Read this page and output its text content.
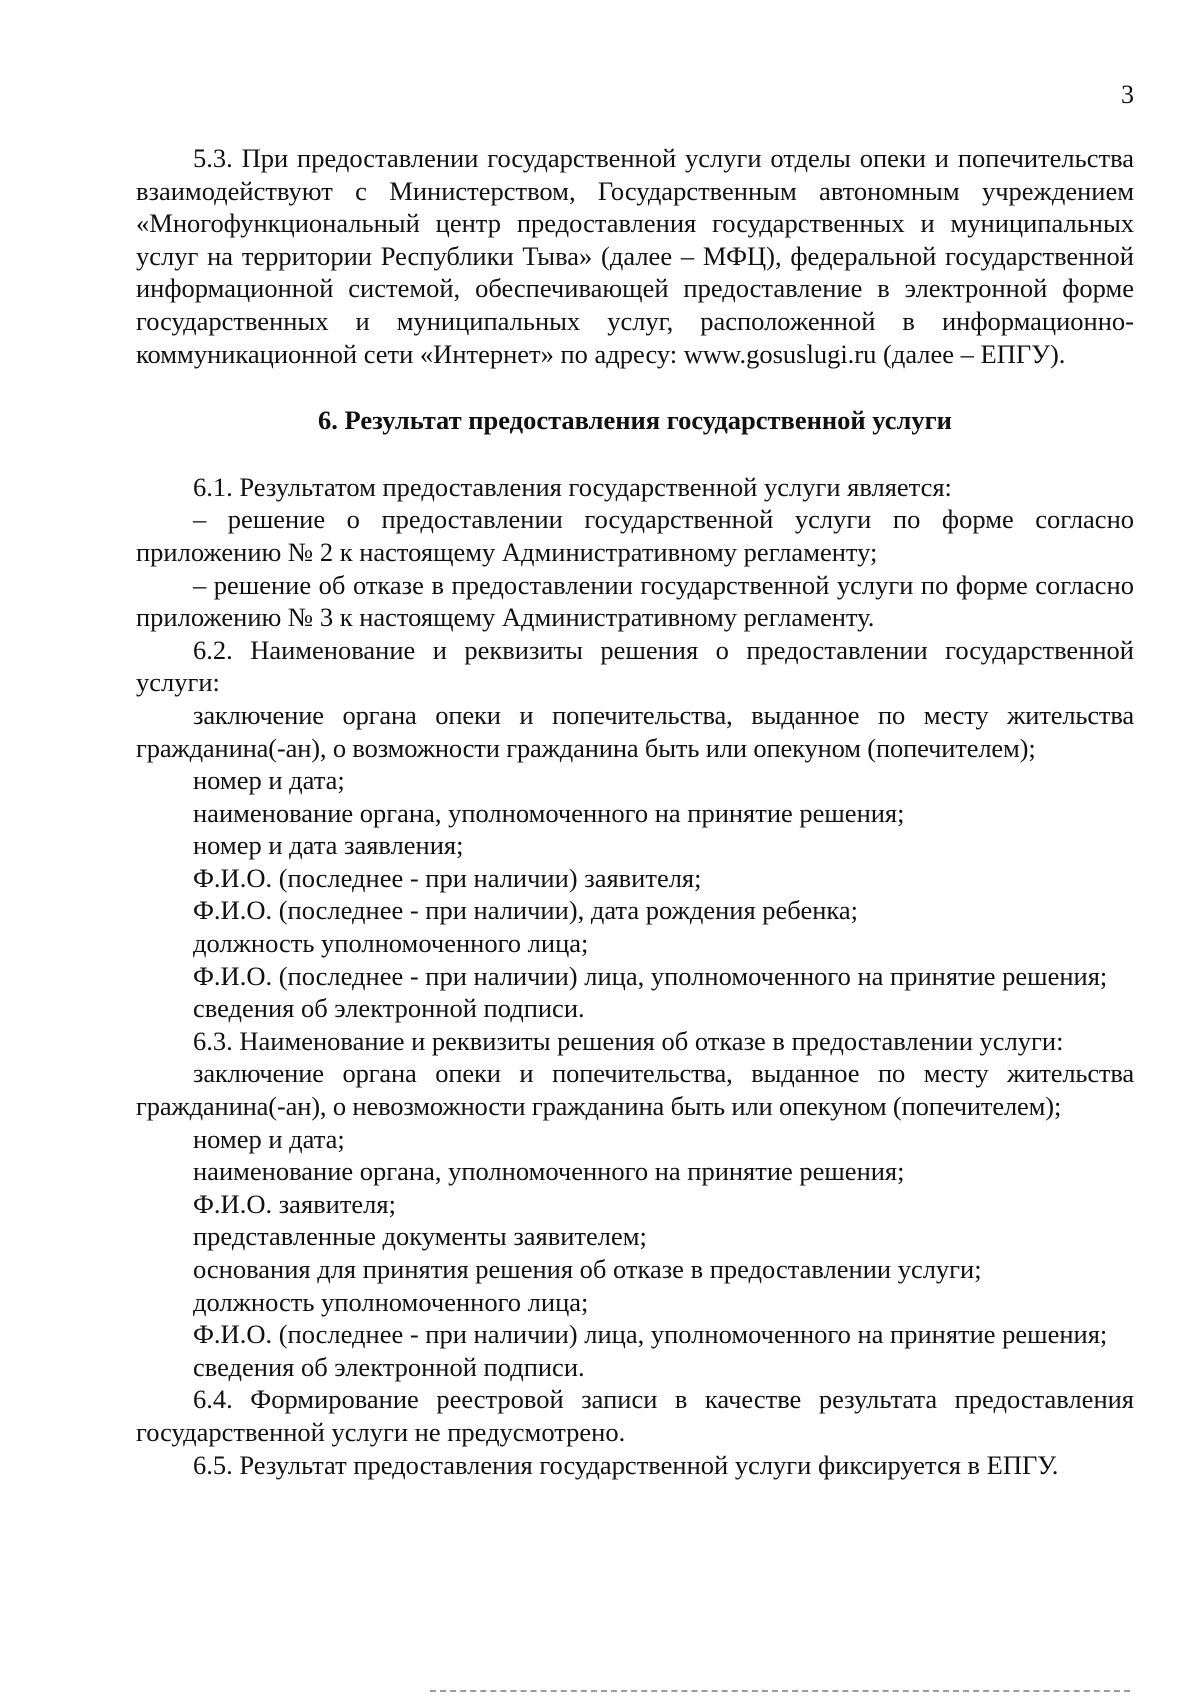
3

5.3. При предоставлении государственной услуги отделы опеки и попечительства взаимодействуют с Министерством, Государственным автономным учреждением «Многофункциональный центр предоставления государственных и муниципальных услуг на территории Республики Тыва» (далее – МФЦ), федеральной государственной информационной системой, обеспечивающей предоставление в электронной форме государственных и муниципальных услуг, расположенной в информационно-коммуникационной сети «Интернет» по адресу: www.gosuslugi.ru (далее – ЕПГУ).

6. Результат предоставления государственной услуги

6.1. Результатом предоставления государственной услуги является:

– решение о предоставлении государственной услуги по форме согласно приложению № 2 к настоящему Административному регламенту;

– решение об отказе в предоставлении государственной услуги по форме согласно приложению № 3 к настоящему Административному регламенту.

6.2. Наименование и реквизиты решения о предоставлении государственной услуги:

заключение органа опеки и попечительства, выданное по месту жительства гражданина(-ан), о возможности гражданина быть или опекуном (попечителем);

номер и дата;

наименование органа, уполномоченного на принятие решения;

номер и дата заявления;

Ф.И.О. (последнее - при наличии) заявителя;

Ф.И.О. (последнее - при наличии), дата рождения ребенка;

должность уполномоченного лица;

Ф.И.О. (последнее - при наличии) лица, уполномоченного на принятие решения;

сведения об электронной подписи.

6.3. Наименование и реквизиты решения об отказе в предоставлении услуги:

заключение органа опеки и попечительства, выданное по месту жительства гражданина(-ан), о невозможности гражданина быть или опекуном (попечителем);

номер и дата;

наименование органа, уполномоченного на принятие решения;

Ф.И.О. заявителя;

представленные документы заявителем;

основания для принятия решения об отказе в предоставлении услуги;

должность уполномоченного лица;

Ф.И.О. (последнее - при наличии) лица, уполномоченного на принятие решения;

сведения об электронной подписи.

6.4. Формирование реестровой записи в качестве результата предоставления государственной услуги не предусмотрено.

6.5. Результат предоставления государственной услуги фиксируется в ЕПГУ.
